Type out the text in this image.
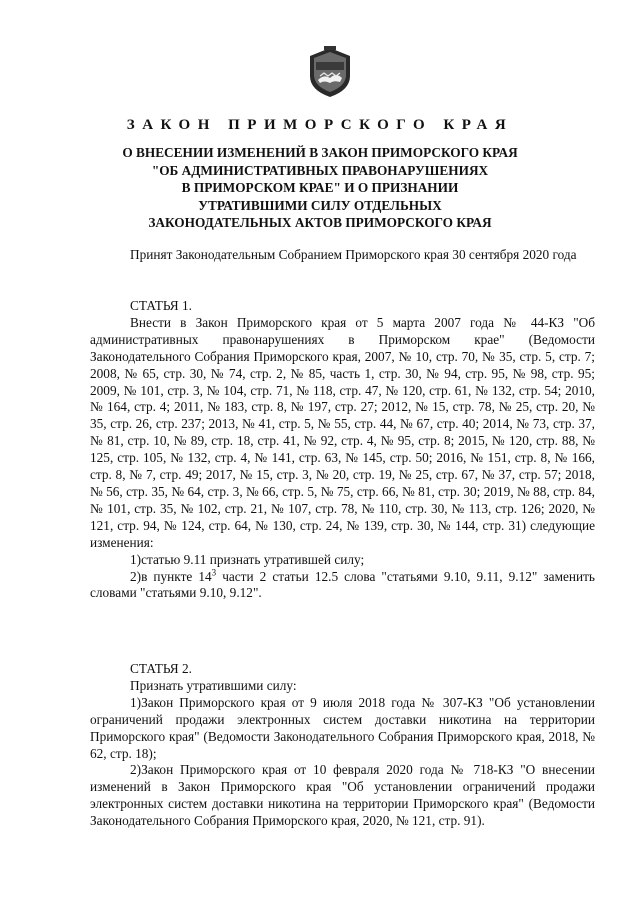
ЗАКОН ПРИМОРСКОГО КРАЯ
О ВНЕСЕНИИ ИЗМЕНЕНИЙ В ЗАКОН ПРИМОРСКОГО КРАЯ
"ОБ АДМИНИСТРАТИВНЫХ ПРАВОНАРУШЕНИЯХ
В ПРИМОРСКОМ КРАЕ" И О ПРИЗНАНИИ
УТРАТИВШИМИ СИЛУ ОТДЕЛЬНЫХ
ЗАКОНОДАТЕЛЬНЫХ АКТОВ ПРИМОРСКОГО КРАЯ

Принят Законодательным Собранием Приморского края 30 сентября 2020 года

СТАТЬЯ 1.

Внести в Закон Приморского края от 5 марта 2007 года № 44-КЗ "Об административных правонарушениях в Приморском крае" (Ведомости Законодательного Собрания Приморского края, 2007, № 10, стр. 70, № 35, стр. 5, стр. 7; 2008, № 65, стр. 30, № 74, стр. 2, № 85, часть 1, стр. 30, № 94, стр. 95, № 98, стр. 95; 2009, № 101, стр. 3, № 104, стр. 71, № 118, стр. 47, № 120, стр. 61, № 132, стр. 54; 2010, № 164, стр. 4; 2011, № 183, стр. 8, № 197, стр. 27; 2012, № 15, стр. 78, № 25, стр. 20, № 35, стр. 26, стр. 237; 2013, № 41, стр. 5, № 55, стр. 44, № 67, стр. 40; 2014, № 73, стр. 37, № 81, стр. 10, № 89, стр. 18, стр. 41, № 92, стр. 4, № 95, стр. 8; 2015, № 120, стр. 88, № 125, стр. 105, № 132, стр. 4, № 141, стр. 63, № 145, стр. 50; 2016, № 151, стр. 8, № 166, стр. 8, № 7, стр. 49; 2017, № 15, стр. 3, № 20, стр. 19, № 25, стр. 67, № 37, стр. 57; 2018, № 56, стр. 35, № 64, стр. 3, № 66, стр. 5, № 75, стр. 66, № 81, стр. 30; 2019, № 88, стр. 84, № 101, стр. 35, № 102, стр. 21, № 107, стр. 78, № 110, стр. 30, № 113, стр. 126; 2020, № 121, стр. 94, № 124, стр. 64, № 130, стр. 24, № 139, стр. 30, № 144, стр. 31) следующие изменения:

1)статью 9.11 признать утратившей силу;

2)в пункте $14^3$ части 2 статьи 12.5 слова "статьями 9.10, 9.11, 9.12" заменить словами "статьями 9.10, 9.12".

СТАТЬЯ 2.

Признать утратившими силу:

1)Закон Приморского края от 9 июля 2018 года № 307-КЗ "Об установлении ограничений продажи электронных систем доставки никотина на территории Приморского края" (Ведомости Законодательного Собрания Приморского края, 2018, № 62, стр. 18);

2)Закон Приморского края от 10 февраля 2020 года № 718-КЗ "О внесении изменений в Закон Приморского края "Об установлении ограничений продажи электронных систем доставки никотина на территории Приморского края" (Ведомости Законодательного Собрания Приморского края, 2020, № 121, стр. 91).
